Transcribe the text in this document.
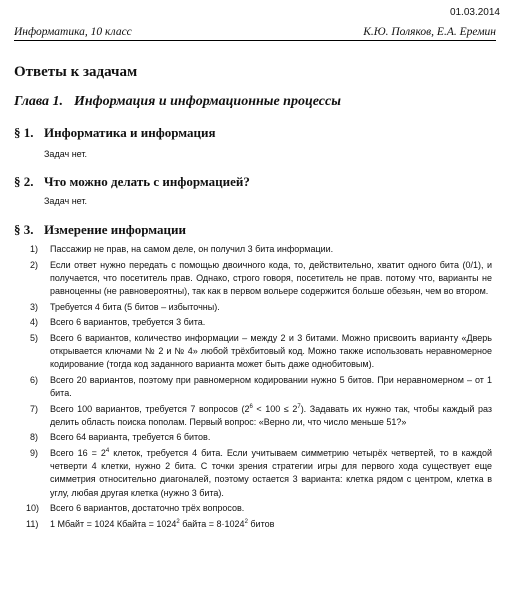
01.03.2014
Информатика, 10 класс	К.Ю. Поляков, Е.А. Еремин
Ответы к задачам
Глава 1. Информация и информационные процессы
§ 1. Информатика и информация
Задач нет.
§ 2. Что можно делать с информацией?
Задач нет.
§ 3. Измерение информации
1) Пассажир не прав, на самом деле, он получил 3 бита информации.
2) Если ответ нужно передать с помощью двоичного кода, то, действительно, хватит одного бита (0/1), и получается, что посетитель прав. Однако, строго говоря, посетитель не прав. потому что, варианты не равноценны (не равновероятны), так как в первом вольере содержится больше обезьян, чем во втором.
3) Требуется 4 бита (5 битов – избыточны).
4) Всего 6 вариантов, требуется 3 бита.
5) Всего 6 вариантов, количество информации – между 2 и 3 битами. Можно присвоить варианту «Дверь открывается ключами № 2 и № 4» любой трёхбитовый код. Можно также использовать неравномерное кодирование (тогда код заданного варианта может быть даже однобитовым).
6) Всего 20 вариантов, поэтому при равномерном кодировании нужно 5 битов. При неравномерном – от 1 бита.
7) Всего 100 вариантов, требуется 7 вопросов $(2^6 < 100 \le 2^7)$. Задавать их нужно так, чтобы каждый раз делить область поиска пополам. Первый вопрос: «Верно ли, что число меньше 51?»
8) Всего 64 варианта, требуется 6 битов.
9) Всего $16 = 2^4$ клеток, требуется 4 бита. Если учитываем симметрию четырёх четвертей, то в каждой четверти 4 клетки, нужно 2 бита. С точки зрения стратегии игры для первого хода существует еще симметрия относительно диагоналей, поэтому остается 3 варианта: клетка рядом с центром, клетка в углу, любая другая клетка (нужно 3 бита).
10) Всего 6 вариантов, достаточно трёх вопросов.
11) 1 Мбайт = 1024 Кбайта = $1024^2$ байта = $8\cdot 1024^2$ битов
